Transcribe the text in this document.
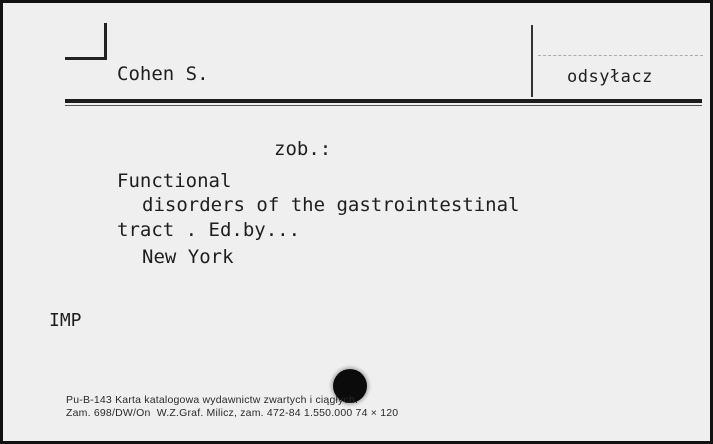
Cohen S.	odsyłacz
zob.:
Functional
disorders of the gastrointestinal
tract . Ed.by...
New York
IMP
Pu-B-143 Karta katalogowa wydawnictw zwartych i ciągłych.
Zam. 698/DW/On  W.Z.Graf. Milicz, zam. 472-84 1.550.000 74 × 120
